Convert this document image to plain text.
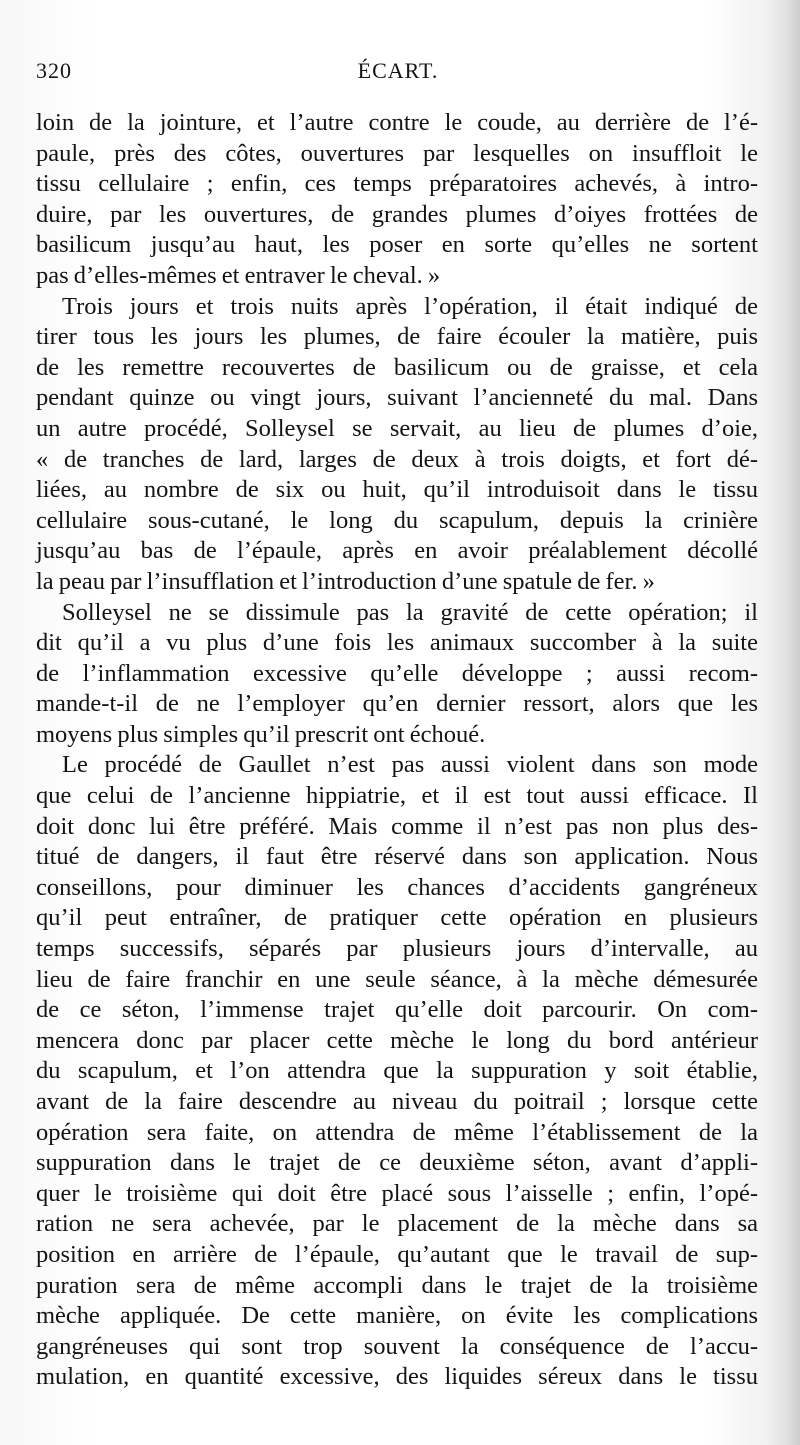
320	ÉCART.
loin de la jointure, et l’autre contre le coude, au derrière de l’é-
paule, près des côtes, ouvertures par lesquelles on insuffloit le
tissu cellulaire ; enfin, ces temps préparatoires achevés, à intro-
duire, par les ouvertures, de grandes plumes d’oiyes frottées de
basilicum jusqu’au haut, les poser en sorte qu’elles ne sortent
pas d’elles-mêmes et entraver le cheval. »
Trois jours et trois nuits après l’opération, il était indiqué de
tirer tous les jours les plumes, de faire écouler la matière, puis
de les remettre recouvertes de basilicum ou de graisse, et cela
pendant quinze ou vingt jours, suivant l’ancienneté du mal. Dans
un autre procédé, Solleysel se servait, au lieu de plumes d’oie,
« de tranches de lard, larges de deux à trois doigts, et fort dé-
liées, au nombre de six ou huit, qu’il introduisoit dans le tissu
cellulaire sous-cutané, le long du scapulum, depuis la crinière
jusqu’au bas de l’épaule, après en avoir préalablement décollé
la peau par l’insufflation et l’introduction d’une spatule de fer. »
Solleysel ne se dissimule pas la gravité de cette opération; il
dit qu’il a vu plus d’une fois les animaux succomber à la suite
de l’inflammation excessive qu’elle développe ; aussi recom-
mande-t-il de ne l’employer qu’en dernier ressort, alors que les
moyens plus simples qu’il prescrit ont échoué.
Le procédé de Gaullet n’est pas aussi violent dans son mode
que celui de l’ancienne hippiatrie, et il est tout aussi efficace. Il
doit donc lui être préféré. Mais comme il n’est pas non plus des-
titué de dangers, il faut être réservé dans son application. Nous
conseillons, pour diminuer les chances d’accidents gangréneux
qu’il peut entraîner, de pratiquer cette opération en plusieurs
temps successifs, séparés par plusieurs jours d’intervalle, au
lieu de faire franchir en une seule séance, à la mèche démesurée
de ce séton, l’immense trajet qu’elle doit parcourir. On com-
mencera donc par placer cette mèche le long du bord antérieur
du scapulum, et l’on attendra que la suppuration y soit établie,
avant de la faire descendre au niveau du poitrail ; lorsque cette
opération sera faite, on attendra de même l’établissement de la
suppuration dans le trajet de ce deuxième séton, avant d’appli-
quer le troisième qui doit être placé sous l’aisselle ; enfin, l’opé-
ration ne sera achevée, par le placement de la mèche dans sa
position en arrière de l’épaule, qu’autant que le travail de sup-
puration sera de même accompli dans le trajet de la troisième
mèche appliquée. De cette manière, on évite les complications
gangréneuses qui sont trop souvent la conséquence de l’accu-
mulation, en quantité excessive, des liquides séreux dans le tissu
